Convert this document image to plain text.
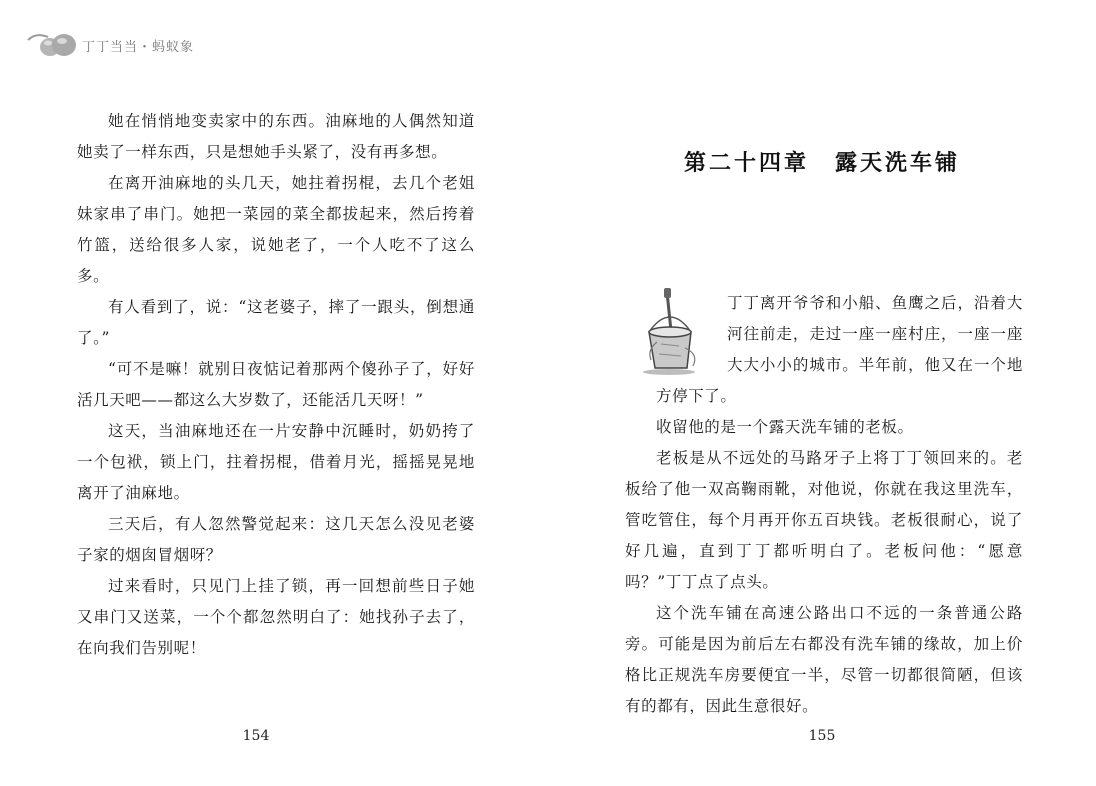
丁丁当当・蚂蚁象

她在悄悄地变卖家中的东西。油麻地的人偶然知道她卖了一样东西，只是想她手头紧了，没有再多想。

在离开油麻地的头几天，她拄着拐棍，去几个老姐妹家串了串门。她把一菜园的菜全都拔起来，然后挎着竹篮，送给很多人家，说她老了，一个人吃不了这么多。

有人看到了，说：“这老婆子，摔了一跟头，倒想通了。”

“可不是嘛！就别日夜惦记着那两个傻孙子了，好好活几天吧——都这么大岁数了，还能活几天呀！”

这天，当油麻地还在一片安静中沉睡时，奶奶挎了一个包袱，锁上门，拄着拐棍，借着月光，摇摇晃晃地离开了油麻地。

三天后，有人忽然警觉起来：这几天怎么没见老婆子家的烟囱冒烟呀？

过来看时，只见门上挂了锁，再一回想前些日子她又串门又送菜，一个个都忽然明白了：她找孙子去了，在向我们告别呢！

154
第二十四章 露天洗车铺

丁丁离开爷爷和小船、鱼鹰之后，沿着大河往前走，走过一座一座村庄，一座一座大大小小的城市。半年前，他又在一个地方停下了。

收留他的是一个露天洗车铺的老板。

老板是从不远处的马路牙子上将丁丁领回来的。老板给了他一双高鞠雨靴，对他说，你就在我这里洗车，管吃管住，每个月再开你五百块钱。老板很耐心，说了好几遍，直到丁丁都听明白了。老板问他：“愿意吗？”丁丁点了点头。

这个洗车铺在高速公路出口不远的一条普通公路旁。可能是因为前后左右都没有洗车铺的缘故，加上价格比正规洗车房要便宜一半，尽管一切都很简陋，但该有的都有，因此生意很好。

155
